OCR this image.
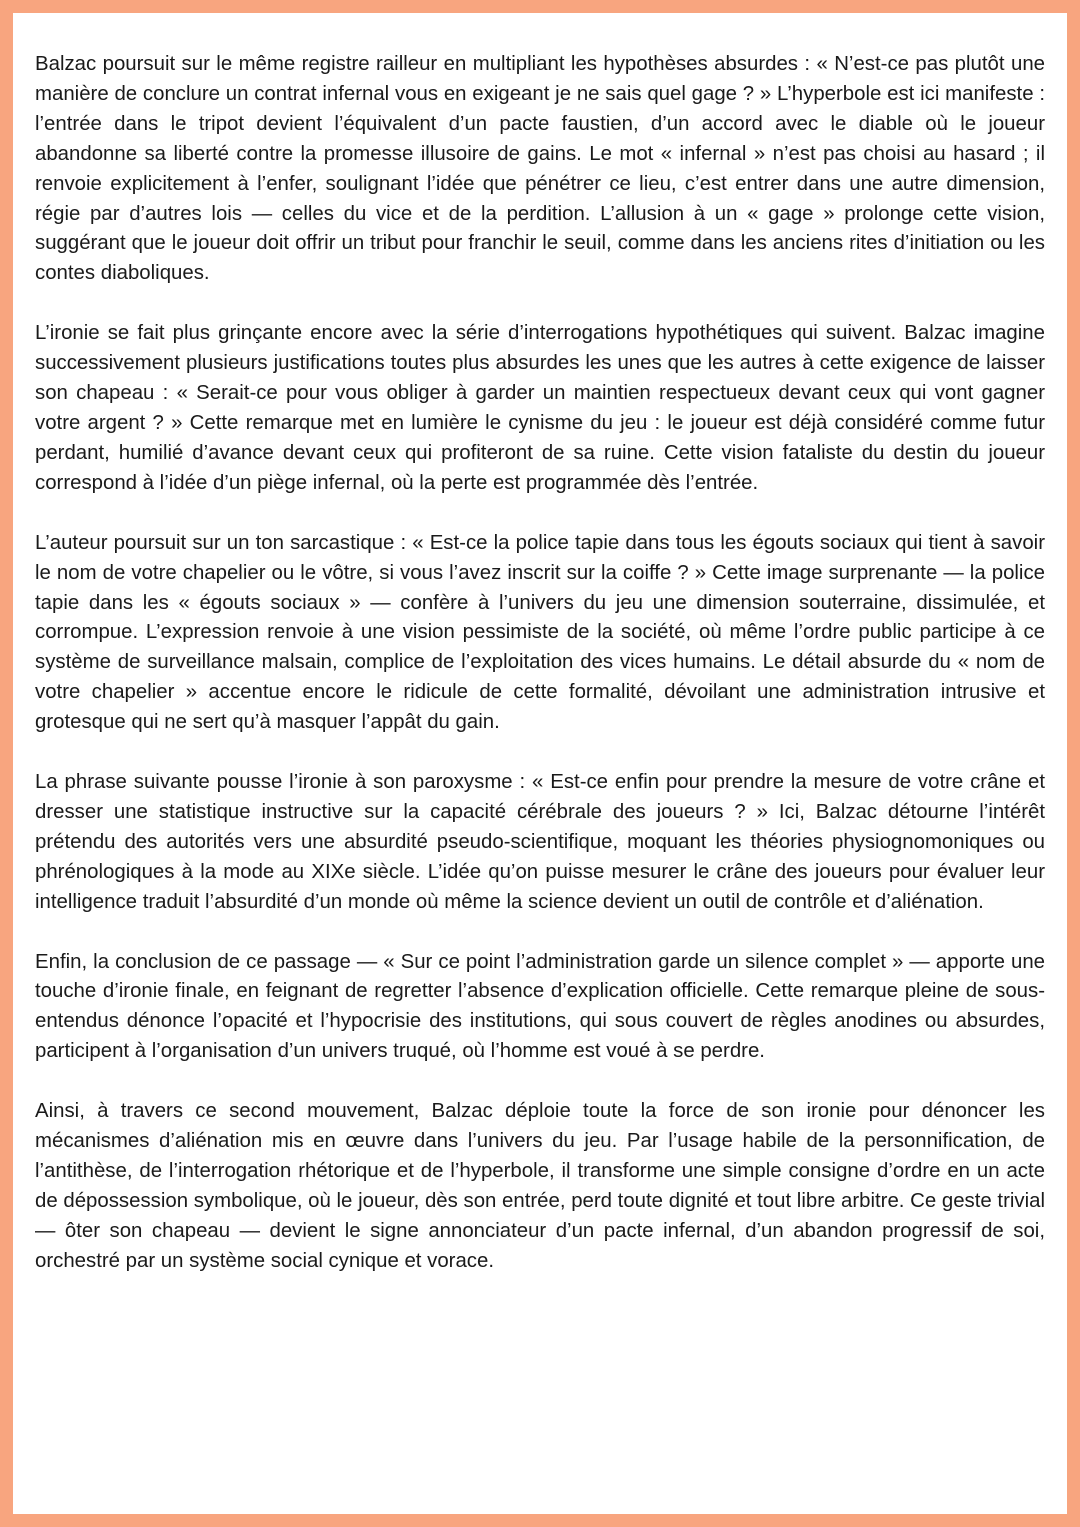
Balzac poursuit sur le même registre railleur en multipliant les hypothèses absurdes : « N’est-ce pas plutôt une manière de conclure un contrat infernal vous en exigeant je ne sais quel gage ? » L’hyperbole est ici manifeste : l’entrée dans le tripot devient l’équivalent d’un pacte faustien, d’un accord avec le diable où le joueur abandonne sa liberté contre la promesse illusoire de gains. Le mot « infernal » n’est pas choisi au hasard ; il renvoie explicitement à l’enfer, soulignant l’idée que pénétrer ce lieu, c’est entrer dans une autre dimension, régie par d’autres lois — celles du vice et de la perdition. L’allusion à un « gage » prolonge cette vision, suggérant que le joueur doit offrir un tribut pour franchir le seuil, comme dans les anciens rites d’initiation ou les contes diaboliques.

L’ironie se fait plus grinçante encore avec la série d’interrogations hypothétiques qui suivent. Balzac imagine successivement plusieurs justifications toutes plus absurdes les unes que les autres à cette exigence de laisser son chapeau : « Serait-ce pour vous obliger à garder un maintien respectueux devant ceux qui vont gagner votre argent ? » Cette remarque met en lumière le cynisme du jeu : le joueur est déjà considéré comme futur perdant, humilié d’avance devant ceux qui profiteront de sa ruine. Cette vision fataliste du destin du joueur correspond à l’idée d’un piège infernal, où la perte est programmée dès l’entrée.

L’auteur poursuit sur un ton sarcastique : « Est-ce la police tapie dans tous les égouts sociaux qui tient à savoir le nom de votre chapelier ou le vôtre, si vous l’avez inscrit sur la coiffe ? » Cette image surprenante — la police tapie dans les « égouts sociaux » — confère à l’univers du jeu une dimension souterraine, dissimulée, et corrompue. L’expression renvoie à une vision pessimiste de la société, où même l’ordre public participe à ce système de surveillance malsain, complice de l’exploitation des vices humains. Le détail absurde du « nom de votre chapelier » accentue encore le ridicule de cette formalité, dévoilant une administration intrusive et grotesque qui ne sert qu’à masquer l’appât du gain.

La phrase suivante pousse l’ironie à son paroxysme : « Est-ce enfin pour prendre la mesure de votre crâne et dresser une statistique instructive sur la capacité cérébrale des joueurs ? » Ici, Balzac détourne l’intérêt prétendu des autorités vers une absurdité pseudo-scientifique, moquant les théories physiognomoniques ou phrénologiques à la mode au XIXe siècle. L’idée qu’on puisse mesurer le crâne des joueurs pour évaluer leur intelligence traduit l’absurdité d’un monde où même la science devient un outil de contrôle et d’aliénation.

Enfin, la conclusion de ce passage — « Sur ce point l’administration garde un silence complet » — apporte une touche d’ironie finale, en feignant de regretter l’absence d’explication officielle. Cette remarque pleine de sous-entendus dénonce l’opacité et l’hypocrisie des institutions, qui sous couvert de règles anodines ou absurdes, participent à l’organisation d’un univers truqué, où l’homme est voué à se perdre.

Ainsi, à travers ce second mouvement, Balzac déploie toute la force de son ironie pour dénoncer les mécanismes d’aliénation mis en œuvre dans l’univers du jeu. Par l’usage habile de la personnification, de l’antithèse, de l’interrogation rhétorique et de l’hyperbole, il transforme une simple consigne d’ordre en un acte de dépossession symbolique, où le joueur, dès son entrée, perd toute dignité et tout libre arbitre. Ce geste trivial — ôter son chapeau — devient le signe annonciateur d’un pacte infernal, d’un abandon progressif de soi, orchestré par un système social cynique et vorace.
